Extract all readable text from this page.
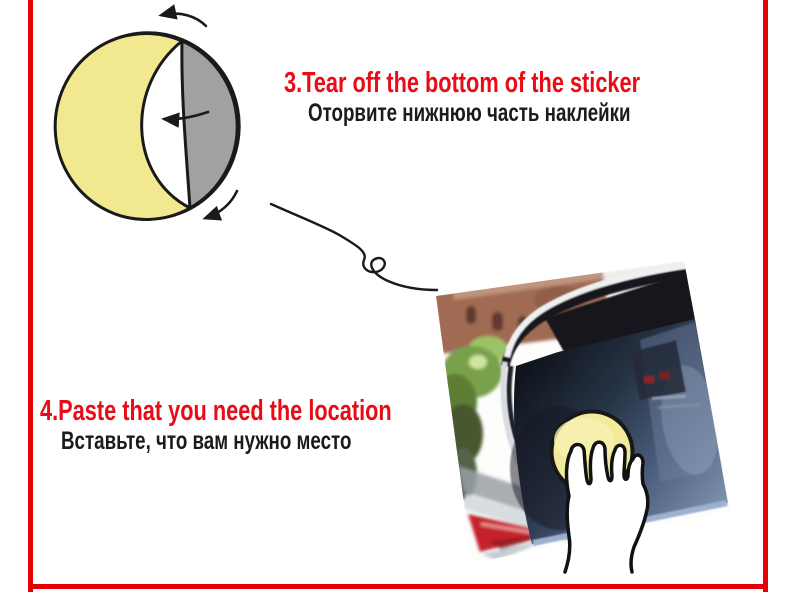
3.Tear off the bottom of the sticker
Оторвите нижнюю часть наклейки
4.Paste that you need the location
Вставьте, что вам нужно место
